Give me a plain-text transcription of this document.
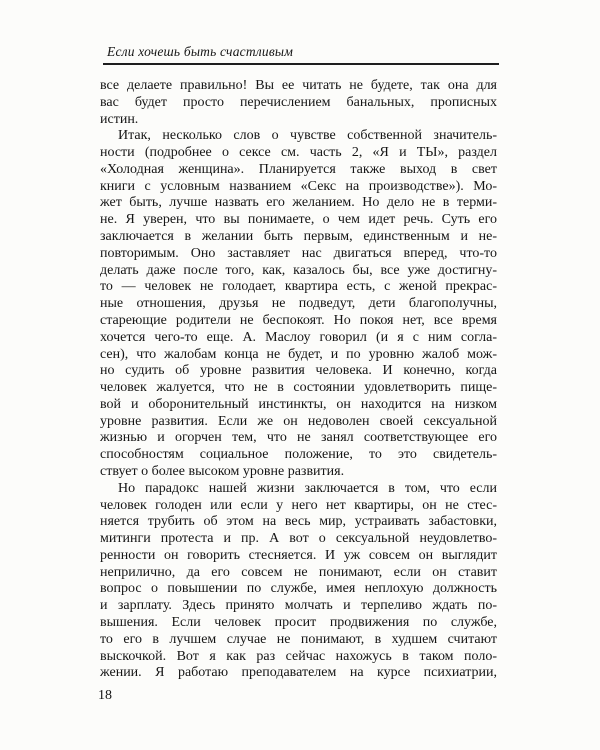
Если хочешь быть счастливым
все делаете правильно! Вы ее читать не будете, так она для
вас будет просто перечислением банальных, прописных
истин.
Итак, несколько слов о чувстве собственной значитель-
ности (подробнее о сексе см. часть 2, «Я и ТЫ», раздел
«Холодная женщина». Планируется также выход в свет
книги с условным названием «Секс на производстве»). Мо-
жет быть, лучше назвать его желанием. Но дело не в терми-
не. Я уверен, что вы понимаете, о чем идет речь. Суть его
заключается в желании быть первым, единственным и не-
повторимым. Оно заставляет нас двигаться вперед, что-то
делать даже после того, как, казалось бы, все уже достигну-
то — человек не голодает, квартира есть, с женой прекрас-
ные отношения, друзья не подведут, дети благополучны,
стареющие родители не беспокоят. Но покоя нет, все время
хочется чего-то еще. А. Маслоу говорил (и я с ним согла-
сен), что жалобам конца не будет, и по уровню жалоб мож-
но судить об уровне развития человека. И конечно, когда
человек жалуется, что не в состоянии удовлетворить пище-
вой и оборонительный инстинкты, он находится на низком
уровне развития. Если же он недоволен своей сексуальной
жизнью и огорчен тем, что не занял соответствующее его
способностям социальное положение, то это свидетель-
ствует о более высоком уровне развития.
Но парадокс нашей жизни заключается в том, что если
человек голоден или если у него нет квартиры, он не стес-
няется трубить об этом на весь мир, устраивать забастовки,
митинги протеста и пр. А вот о сексуальной неудовлетво-
ренности он говорить стесняется. И уж совсем он выглядит
неприлично, да его совсем не понимают, если он ставит
вопрос о повышении по службе, имея неплохую должность
и зарплату. Здесь принято молчать и терпеливо ждать по-
вышения. Если человек просит продвижения по службе,
то его в лучшем случае не понимают, в худшем считают
выскочкой. Вот я как раз сейчас нахожусь в таком поло-
жении. Я работаю преподавателем на курсе психиатрии,
18
